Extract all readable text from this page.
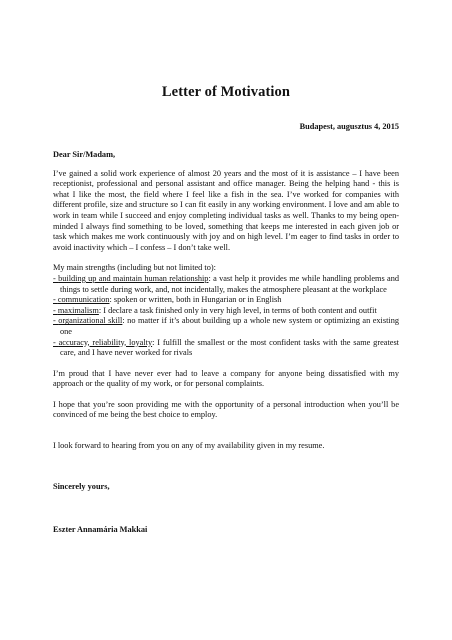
Letter of Motivation
Budapest, augusztus 4, 2015
Dear Sir/Madam,

I’ve gained a solid work experience of almost 20 years and the most of it is assistance – I have been receptionist, professional and personal assistant and office manager. Being the helping hand - this is what I like the most, the field where I feel like a fish in the sea. I’ve worked for companies with different profile, size and structure so I can fit easily in any working environment. I love and am able to work in team while I succeed and enjoy completing individual tasks as well. Thanks to my being open-minded I always find something to be loved, something that keeps me interested in each given job or task which makes me work continuously with joy and on high level. I’m eager to find tasks in order to avoid inactivity which – I confess – I don’t take well.

My main strengths (including but not limited to):

- building up and maintain human relationship: a vast help it provides me while handling problems and things to settle during work, and, not incidentally, makes the atmosphere pleasant at the workplace
- communication: spoken or written, both in Hungarian or in English
- maximalism: I declare a task finished only in very high level, in terms of both content and outfit
- organizational skill: no matter if it’s about building up a whole new system or optimizing an existing one
- accuracy, reliability, loyalty: I fulfill the smallest or the most confident tasks with the same greatest care, and I have never worked for rivals

I’m proud that I have never ever had to leave a company for anyone being dissatisfied with my approach or the quality of my work, or for personal complaints.

I hope that you’re soon providing me with the opportunity of a personal introduction when you’ll be convinced of me being the best choice to employ.

I look forward to hearing from you on any of my availability given in my resume.

Sincerely yours,
Eszter Annamária Makkai
